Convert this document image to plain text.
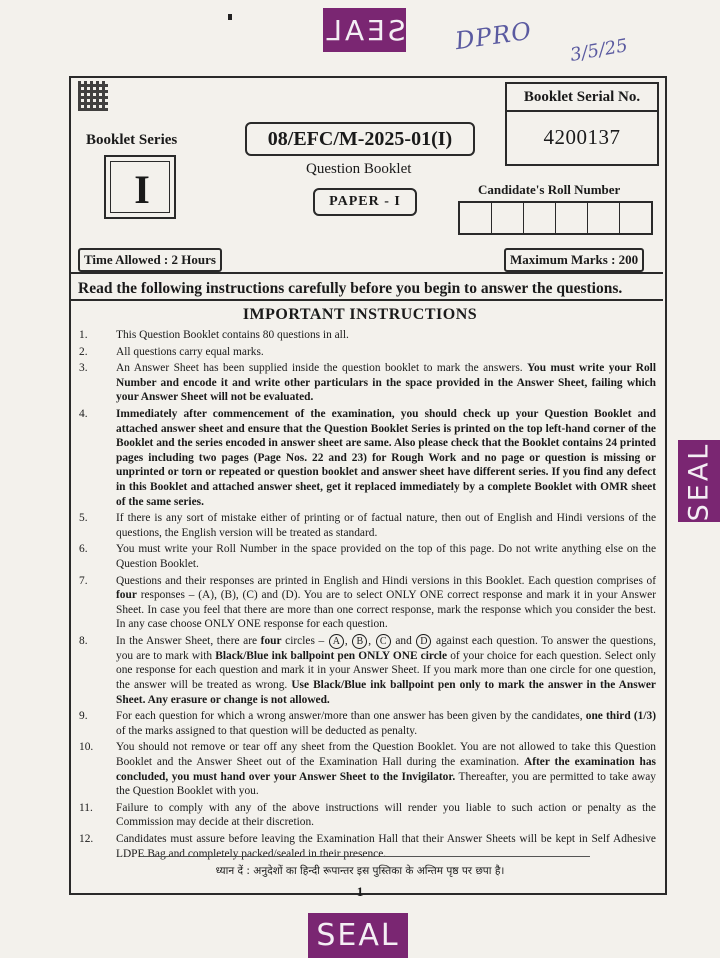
SEAL DPRO 3/5/25
SEAL
Booklet Serial No.
4200137
Booklet Series
I
08/EFC/M-2025-01(I)
Question Booklet
PAPER - I
Candidate's Roll Number
Time Allowed : 2 Hours	Maximum Marks : 200
Read the following instructions carefully before you begin to answer the questions.
IMPORTANT INSTRUCTIONS
1.	This Question Booklet contains 80 questions in all.
2.	All questions carry equal marks.
3.	An Answer Sheet has been supplied inside the question booklet to mark the answers. You must write your Roll Number and encode it and write other particulars in the space provided in the Answer Sheet, failing which your Answer Sheet will not be evaluated.
4.	Immediately after commencement of the examination, you should check up your Question Booklet and attached answer sheet and ensure that the Question Booklet Series is printed on the top left-hand corner of the Booklet and the series encoded in answer sheet are same. Also please check that the Booklet contains 24 printed pages including two pages (Page Nos. 22 and 23) for Rough Work and no page or question is missing or unprinted or torn or repeated or question booklet and answer sheet have different series. If you find any defect in this Booklet and attached answer sheet, get it replaced immediately by a complete Booklet with OMR sheet of the same series.
5.	If there is any sort of mistake either of printing or of factual nature, then out of English and Hindi versions of the questions, the English version will be treated as standard.
6.	You must write your Roll Number in the space provided on the top of this page. Do not write anything else on the Question Booklet.
7.	Questions and their responses are printed in English and Hindi versions in this Booklet. Each question comprises of four responses – (A), (B), (C) and (D). You are to select ONLY ONE correct response and mark it in your Answer Sheet. In case you feel that there are more than one correct response, mark the response which you consider the best. In any case choose ONLY ONE response for each question.
8.	In the Answer Sheet, there are four circles – A , B , C and D against each question. To answer the questions, you are to mark with Black/Blue ink ballpoint pen ONLY ONE circle of your choice for each question. Select only one response for each question and mark it in your Answer Sheet. If you mark more than one circle for one question, the answer will be treated as wrong. Use Black/Blue ink ballpoint pen only to mark the answer in the Answer Sheet. Any erasure or change is not allowed.
9.	For each question for which a wrong answer/more than one answer has been given by the candidates, one third (1/3) of the marks assigned to that question will be deducted as penalty.
10.	You should not remove or tear off any sheet from the Question Booklet. You are not allowed to take this Question Booklet and the Answer Sheet out of the Examination Hall during the examination. After the examination has concluded, you must hand over your Answer Sheet to the Invigilator. Thereafter, you are permitted to take away the Question Booklet with you.
11.	Failure to comply with any of the above instructions will render you liable to such action or penalty as the Commission may decide at their discretion.
12.	Candidates must assure before leaving the Examination Hall that their Answer Sheets will be kept in Self Adhesive LDPE Bag and completely packed/sealed in their presence.
ध्यान दें : अनुदेशों का हिन्दी रूपान्तर इस पुस्तिका के अन्तिम पृष्ठ पर छपा है।
1
SEAL
